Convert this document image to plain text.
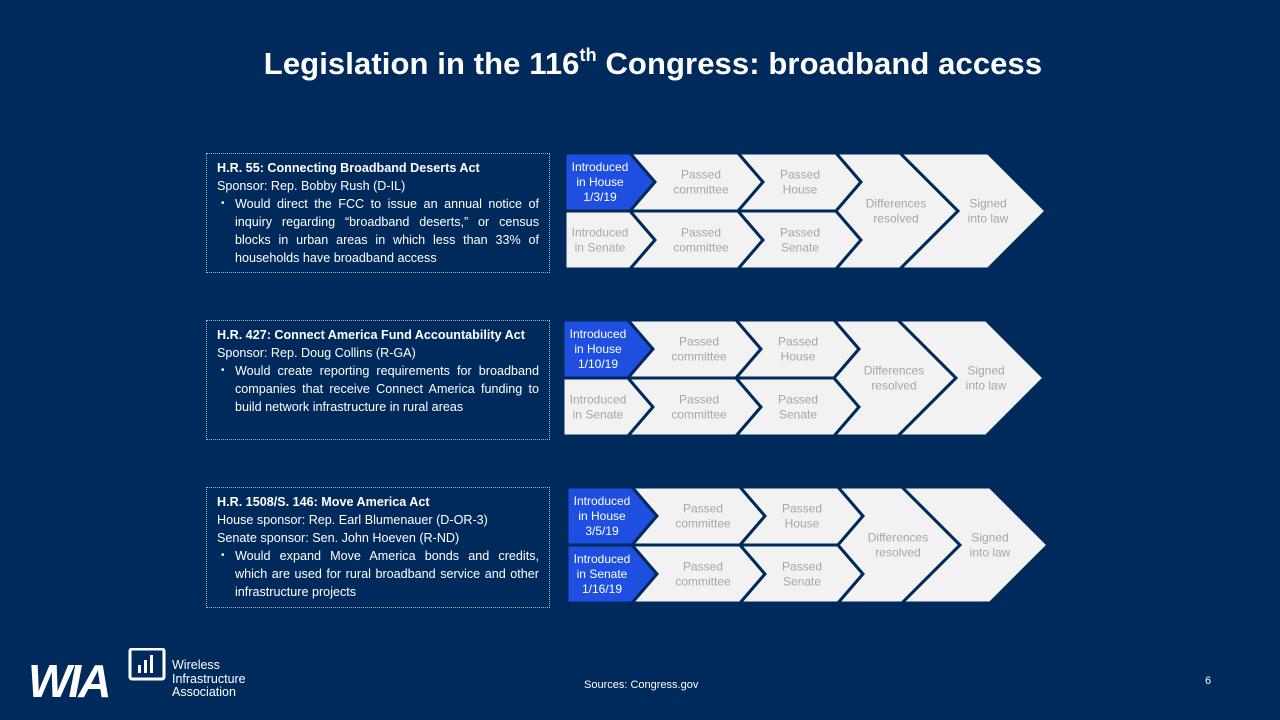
Legislation in the 116th Congress: broadband access
H.R. 55: Connecting Broadband Deserts Act
Sponsor: Rep. Bobby Rush (D-IL)
• Would direct the FCC to issue an annual notice of inquiry regarding “broadband deserts,” or census blocks in urban areas in which less than 33% of households have broadband access
H.R. 427: Connect America Fund Accountability Act
Sponsor: Rep. Doug Collins (R-GA)
• Would create reporting requirements for broadband companies that receive Connect America funding to build network infrastructure in rural areas
H.R. 1508/S. 146: Move America Act
House sponsor: Rep. Earl Blumenauer (D-OR-3)
Senate sponsor: Sen. John Hoeven (R-ND)
• Would expand Move America bonds and credits, which are used for rural broadband service and other infrastructure projects
Introduced in House 1/3/19
Introduced in Senate
Passed committee
Passed committee
Passed House
Passed Senate
Differences resolved
Signed into law
Introduced in House 1/10/19
Introduced in Senate
Passed committee
Passed committee
Passed House
Passed Senate
Differences resolved
Signed into law
Introduced in House 3/5/19
Introduced in Senate 1/16/19
Passed committee
Passed committee
Passed House
Passed Senate
Differences resolved
Signed into law
Sources: Congress.gov	6
WIA	Wireless
Infrastructure
Association
